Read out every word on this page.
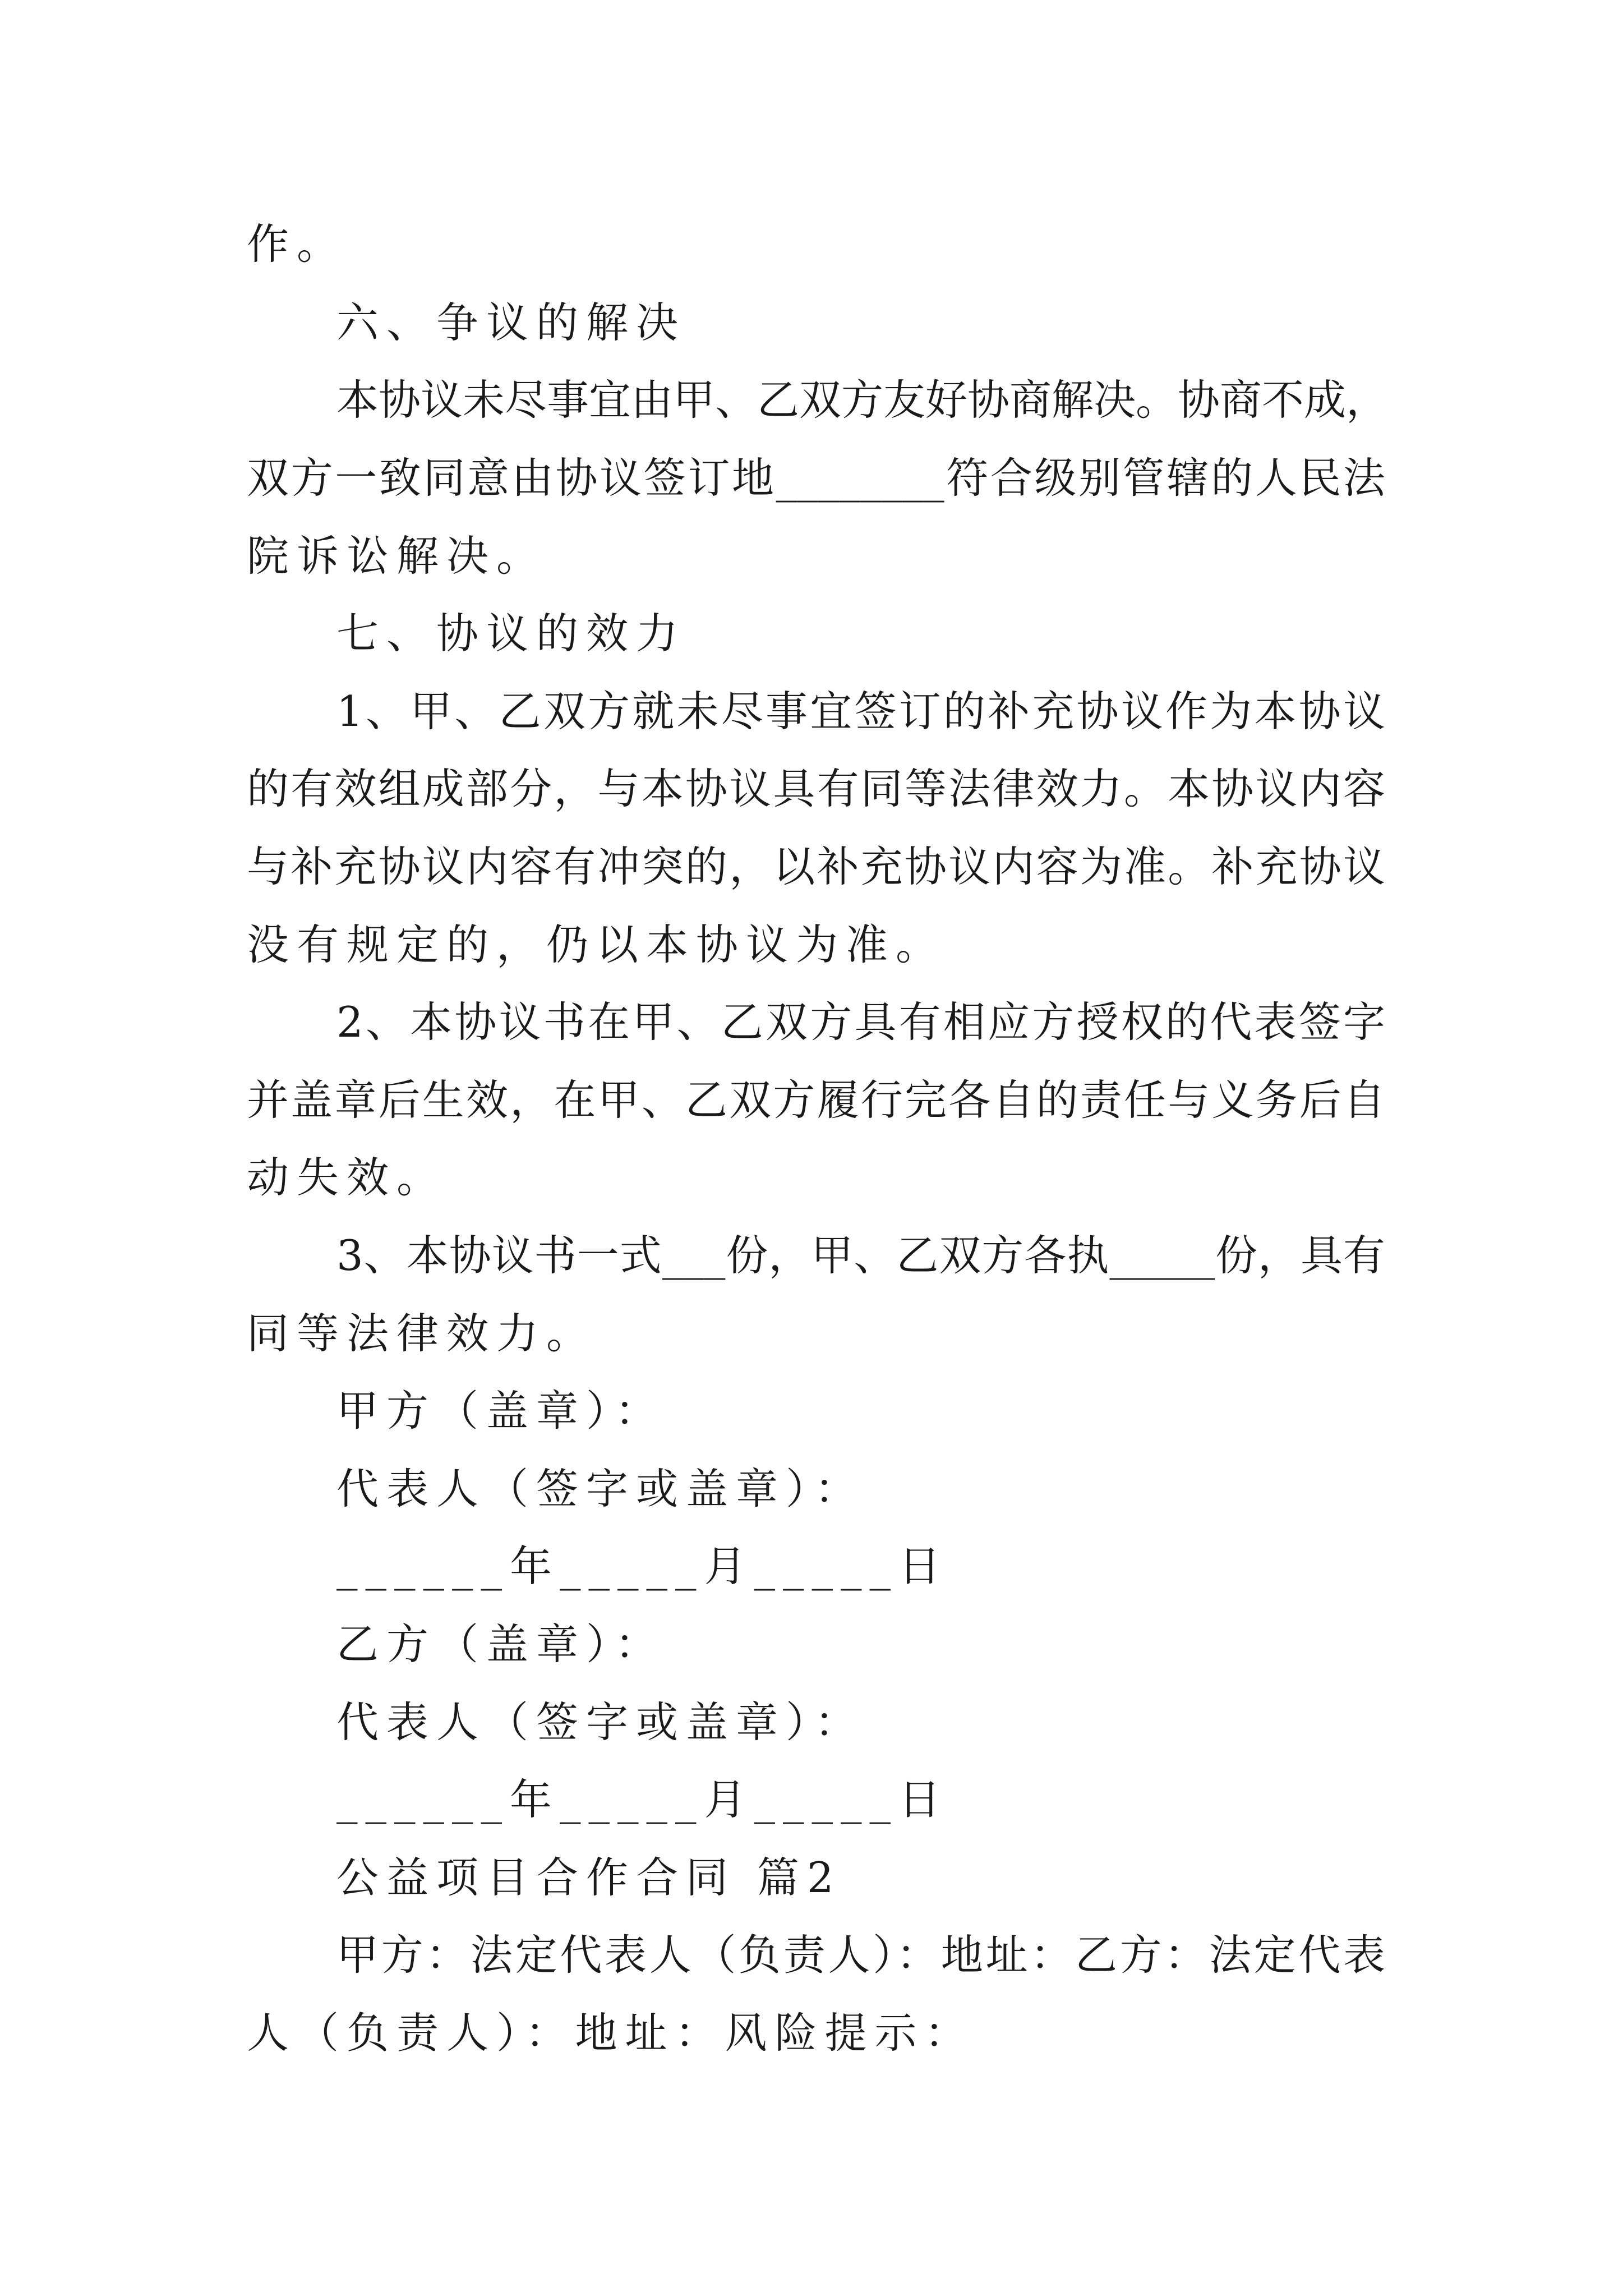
作。
六、争议的解决
本协议未尽事宜由甲、乙双方友好协商解决。协商不成，
双方一致同意由协议签订地________符合级别管辖的人民法
院诉讼解决。
七、协议的效力
1、甲、乙双方就未尽事宜签订的补充协议作为本协议
的有效组成部分，与本协议具有同等法律效力。本协议内容
与补充协议内容有冲突的，以补充协议内容为准。补充协议
没有规定的，仍以本协议为准。
2、本协议书在甲、乙双方具有相应方授权的代表签字
并盖章后生效，在甲、乙双方履行完各自的责任与义务后自
动失效。
3、本协议书一式___份，甲、乙双方各执_____份，具有
同等法律效力。
甲方（盖章）：
代表人（签字或盖章）：
______年_____月_____日
乙方（盖章）：
代表人（签字或盖章）：
______年_____月_____日
公益项目合作合同 篇2
甲方：法定代表人（负责人）：地址：乙方：法定代表
人（负责人）：地址：风险提示：
